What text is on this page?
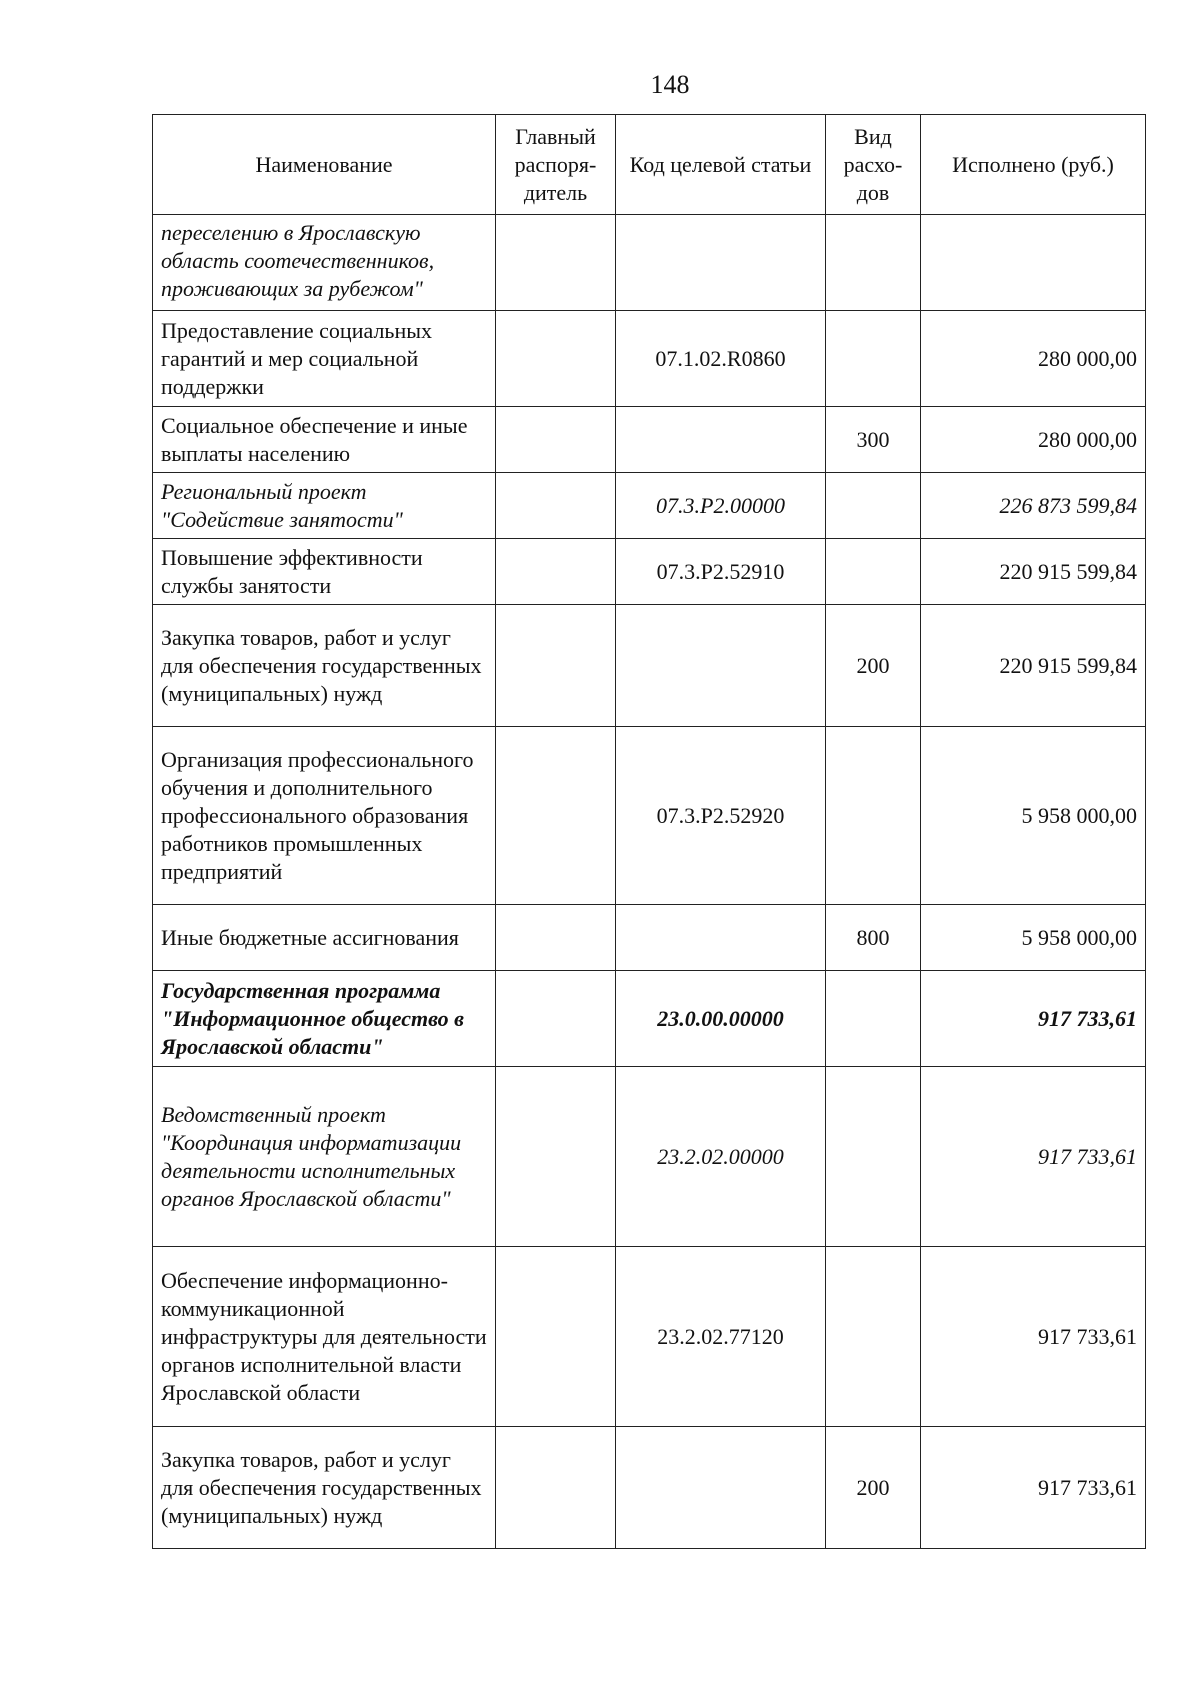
148
Наименование	Главный распоря-дитель	Код целевой статьи	Вид расхо-дов	Исполнено (руб.)
переселению в Ярославскую область соотечественников, проживающих за рубежом"				
Предоставление социальных гарантий и мер социальной поддержки		07.1.02.R0860		280 000,00
Социальное обеспечение и иные выплаты населению			300	280 000,00
Региональный проект "Содействие занятости"		07.3.Р2.00000		226 873 599,84
Повышение эффективности службы занятости		07.3.Р2.52910		220 915 599,84
Закупка товаров, работ и услуг для обеспечения государственных (муниципальных) нужд			200	220 915 599,84
Организация профессионального обучения и дополнительного профессионального образования работников промышленных предприятий		07.3.Р2.52920		5 958 000,00
Иные бюджетные ассигнования			800	5 958 000,00
Государственная программа "Информационное общество в Ярославской области"		23.0.00.00000		917 733,61
Ведомственный проект "Координация информатизации деятельности исполнительных органов Ярославской области"		23.2.02.00000		917 733,61
Обеспечение информационно-коммуникационной инфраструктуры для деятельности органов исполнительной власти Ярославской области		23.2.02.77120		917 733,61
Закупка товаров, работ и услуг для обеспечения государственных (муниципальных) нужд			200	917 733,61
